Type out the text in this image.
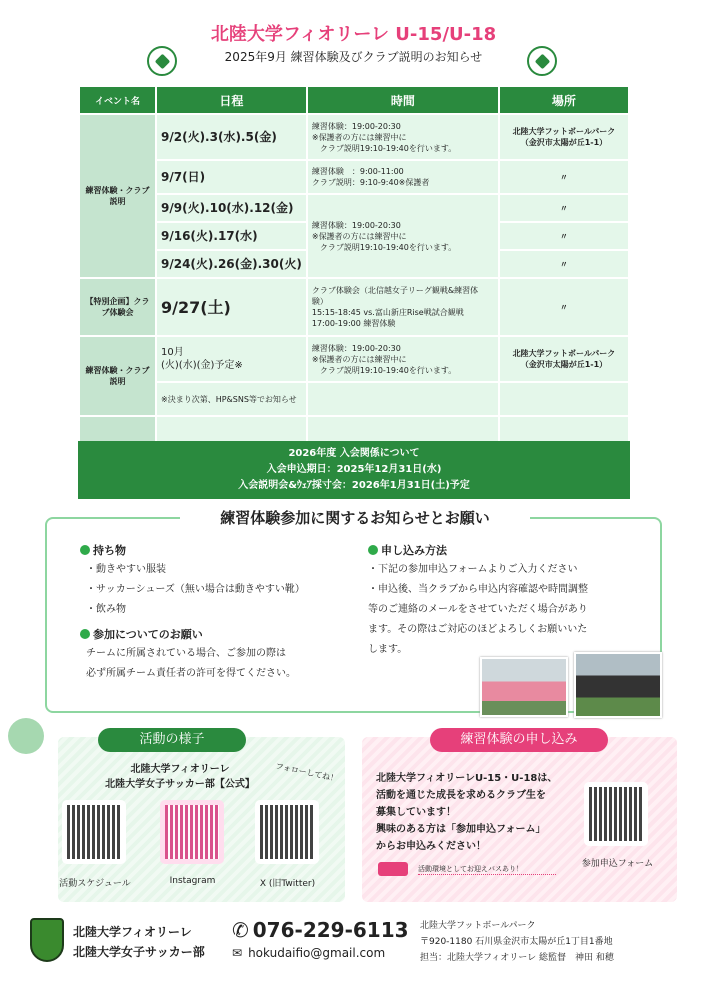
北陸大学フィオリーレ U-15/U-18
2025年9月 練習体験及びクラブ説明のお知らせ
イベント名	日程	時間	場所
練習体験・クラブ説明	9/2(火).3(水).5(金)	練習体験：19:00-20:30
※保護者の方には練習中に
　クラブ説明19:10-19:40を行います。	北陸大学フットボールパーク
（金沢市太陽が丘1-1）
	9/7(日)	練習体験　：9:00-11:00
クラブ説明：9:10-9:40※保護者	〃
	9/9(火).10(水).12(金)	練習体験：19:00-20:30
※保護者の方には練習中に
　クラブ説明19:10-19:40を行います。	〃
	9/16(火).17(水)		〃
	9/24(火).26(金).30(火)		〃
【特別企画】クラブ体験会	9/27(土)	クラブ体験会（北信越女子リーグ観戦&練習体験）
15:15-18:45 vs.富山新庄Rise戦試合観戦
17:00-19:00 練習体験	〃
練習体験・クラブ説明	10月
(火)(水)(金)予定※	練習体験：19:00-20:30
※保護者の方には練習中に
　クラブ説明19:10-19:40を行います。	北陸大学フットボールパーク
（金沢市太陽が丘1-1）
	※決まり次第、HP&SNS等でお知らせ		

2026年度 入会関係について
入会申込期日：2025年12月31日(水)
入会説明会&ｳｪｱ採寸会：2026年1月31日(土)予定
練習体験参加に関するお知らせとお願い
持ち物
・動きやすい服装
・サッカーシューズ（無い場合は動きやすい靴）
・飲み物
参加についてのお願い
チームに所属されている場合、ご参加の際は
必ず所属チーム責任者の許可を得てください。
申し込み方法
・下記の参加申込フォームよりご入力ください
・申込後、当クラブから申込内容確認や時間調整
等のご連絡のメールをさせていただく場合があり
ます。その際はご対応のほどよろしくお願いいた
します。
活動の様子
北陸大学フィオリーレ
北陸大学女子サッカー部【公式】
フォローしてね！
活動スケジュール	Instagram	X (旧Twitter)
練習体験の申し込み
北陸大学フィオリーレU-15・U-18は、
活動を通じた成長を求めるクラブ生を
募集しています！
興味のある方は「参加申込フォーム」
からお申込みください！
活動環境としてお迎えバスあり！	参加申込フォーム
北陸大学フィオリーレ
北陸大学女子サッカー部
✆ 076-229-6113
✉ hokudaifio@gmail.com
北陸大学フットボールパーク
〒920-1180 石川県金沢市太陽が丘1丁目1番地
担当：北陸大学フィオリーレ 総監督　神田 和穂
